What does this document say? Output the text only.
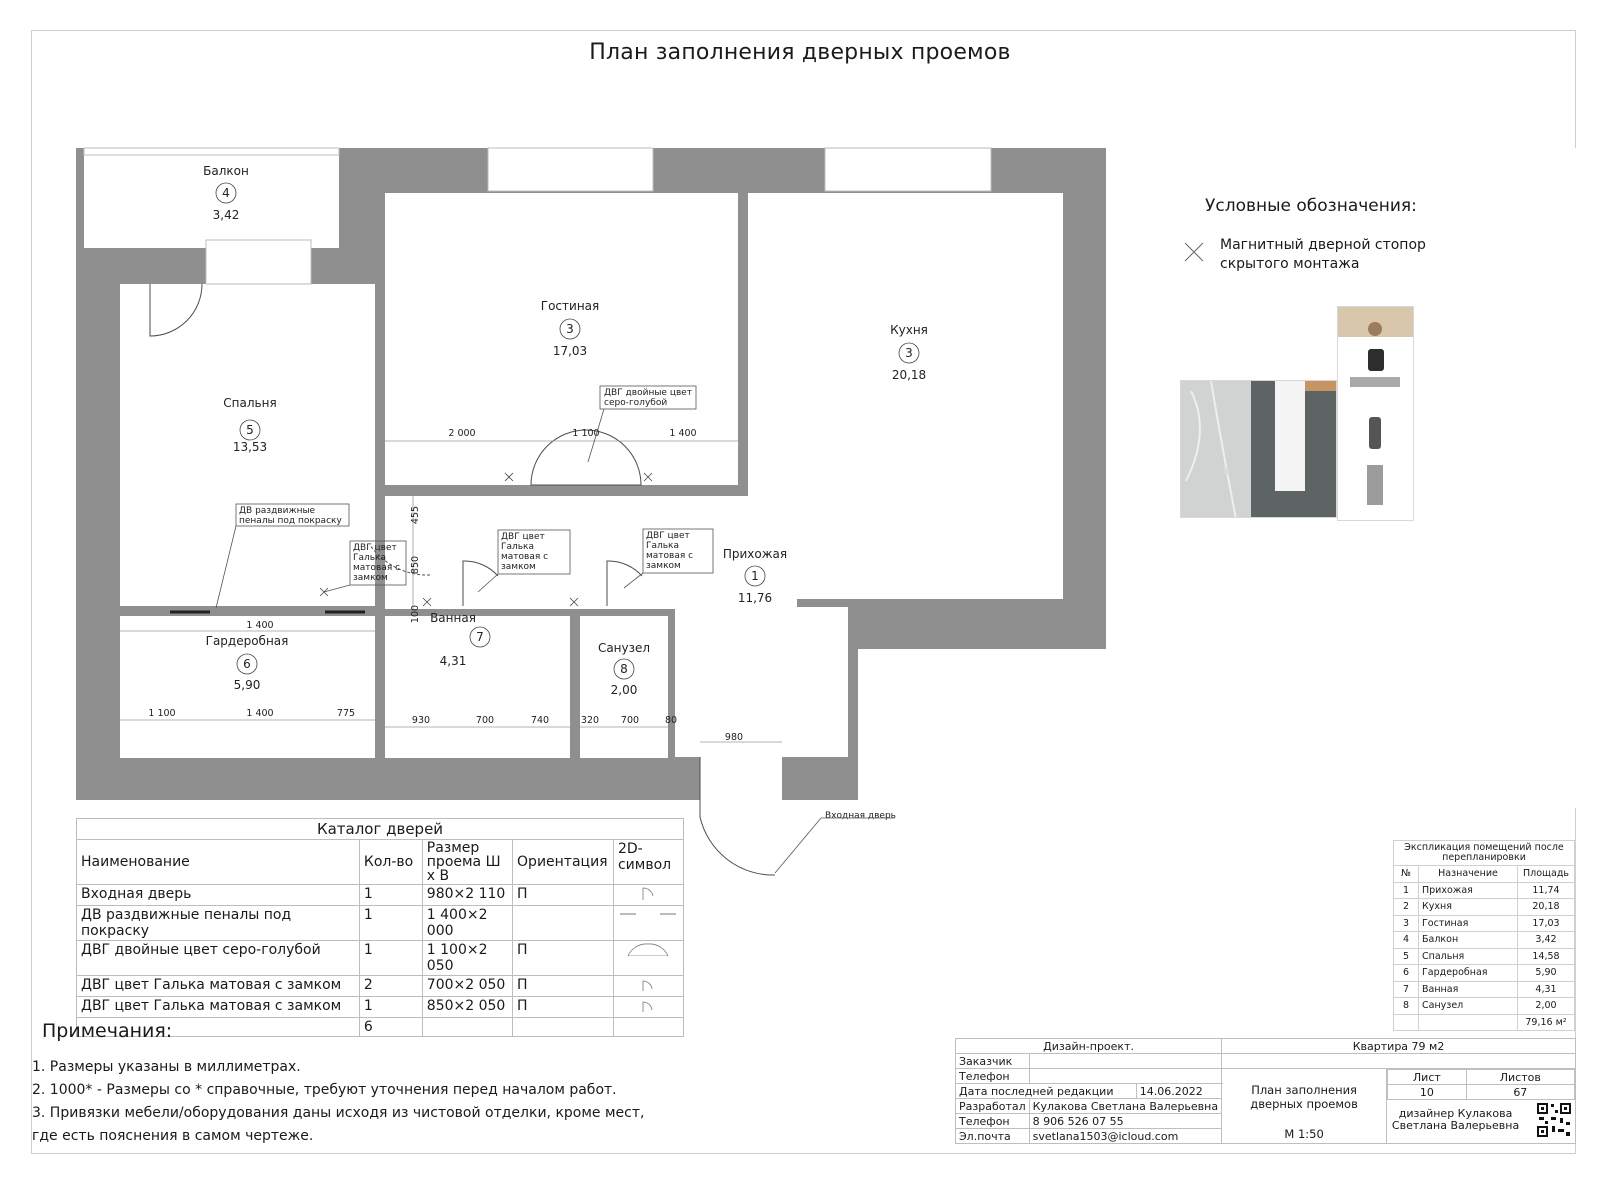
План заполнения дверных проемов
Балкон
4
3,42
Гостиная
3
17,03
Кухня
3
20,18
Спальня
5
13,53
Прихожая
1
11,76
Ванная
7
4,31
Санузел
8
2,00
Гардеробная
6
5,90
2 000	1 100	1 400
455
850
100
1 400
1 100	1 400	775
930	700	740	320 700	80
980
ДВГ двойные цвет
серо-голубой
ДВ раздвижные
пеналы под покраску
ДВГ цвет
Галька
матовая с
замком
ДВГ цвет
Галька
матовая с
замком
ДВГ цвет
Галька
матовая с
замком
Входная дверь
Условные обозначения:
Магнитный дверной стопор
скрытого монтажа
Каталог дверей				
Наименование	Кол-во	Размер проема Ш х В	Ориентация	2D-символ
Входная дверь	1	980×2 110	П	
ДВ раздвижные пеналы под покраску	1	1 400×2 000		
ДВГ двойные цвет серо-голубой	1	1 100×2 050	П	
ДВГ цвет Галька матовая с замком	2	700×2 050	П	
ДВГ цвет Галька матовая с замком	1	850×2 050	П	
	6			
Примечания:
1. Размеры указаны в миллиметрах.
2. 1000* - Размеры со * справочные, требуют уточнения перед началом работ.
3. Привязки мебели/оборудования даны исходя из чистовой отделки, кроме мест,
где есть пояснения в самом чертеже.
Экспликация помещений после перепланировки		
№	Назначение	Площадь
1	Прихожая	11,74
2	Кухня	20,18
3	Гостиная	17,03
4	Балкон	3,42
5	Спальня	14,58
6	Гардеробная	5,90
7	Ванная	4,31
8	Санузел	2,00
		79,16 м²
Дизайн-проект.	Квартира 79 м2
Заказчик		
Телефон		
План заполнения дверных проемов
М 1:50

Лист	Листов
10	67

дизайнер Кулакова Светлана Валерьевна

Дата последней редакции	14.06.2022
Разработал	Кулакова Светлана Валерьевна
Телефон	8 906 526 07 55
Эл.почта	svetlana1503@icloud.com
